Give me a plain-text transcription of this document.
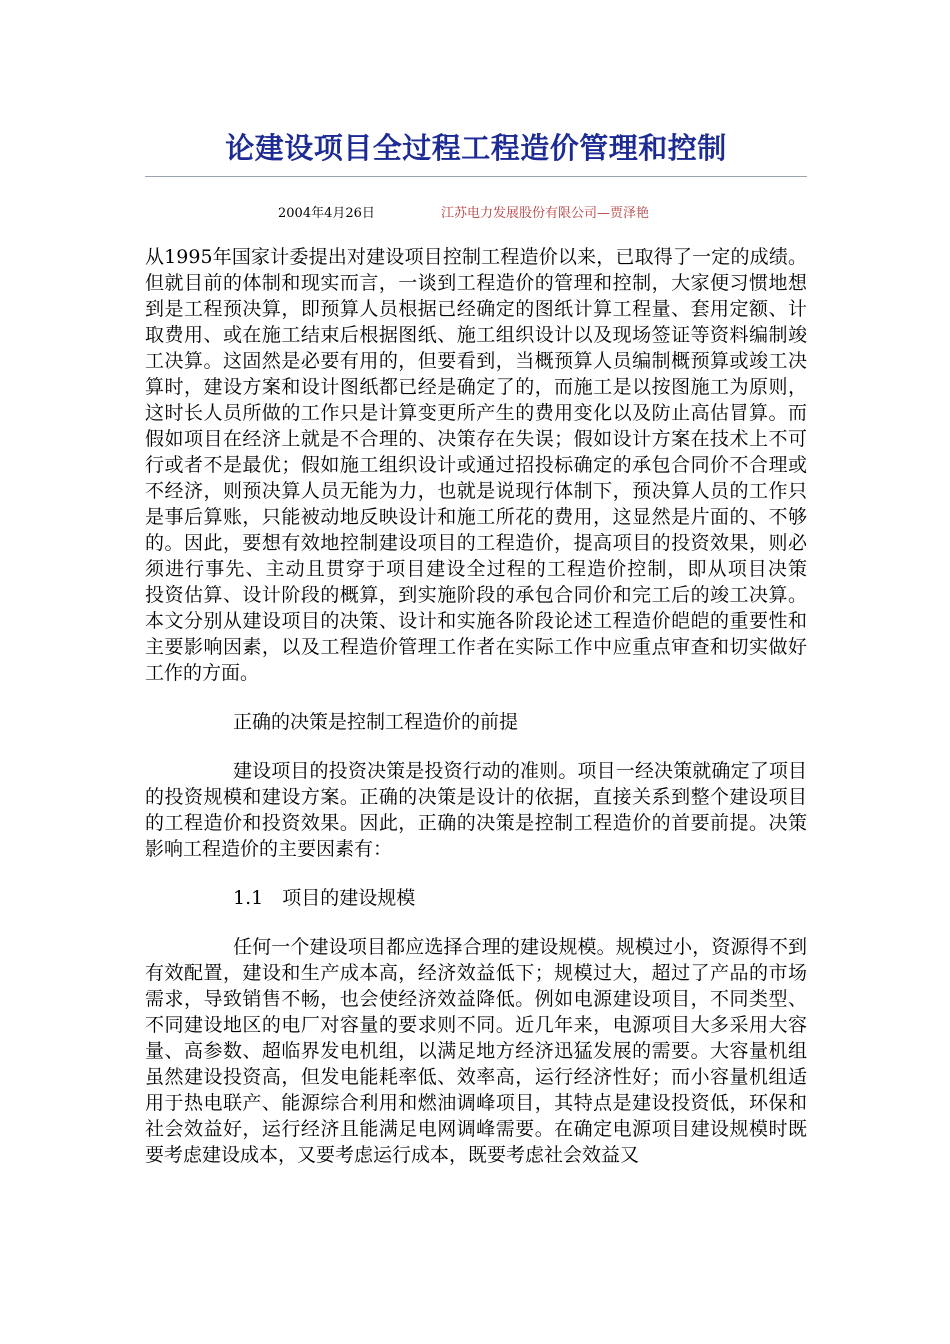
论建设项目全过程工程造价管理和控制
2004年4月26日	江苏电力发展股份有限公司—贾泽艳

从1995年国家计委提出对建设项目控制工程造价以来，已取得了一定的成绩。但就目前的体制和现实而言，一谈到工程造价的管理和控制，大家便习惯地想到是工程预决算，即预算人员根据已经确定的图纸计算工程量、套用定额、计取费用、或在施工结束后根据图纸、施工组织设计以及现场签证等资料编制竣工决算。这固然是必要有用的，但要看到，当概预算人员编制概预算或竣工决算时，建设方案和设计图纸都已经是确定了的，而施工是以按图施工为原则，这时长人员所做的工作只是计算变更所产生的费用变化以及防止高估冒算。而假如项目在经济上就是不合理的、决策存在失误；假如设计方案在技术上不可行或者不是最优；假如施工组织设计或通过招投标确定的承包合同价不合理或不经济，则预决算人员无能为力，也就是说现行体制下，预决算人员的工作只是事后算账，只能被动地反映设计和施工所花的费用，这显然是片面的、不够的。因此，要想有效地控制建设项目的工程造价，提高项目的投资效果，则必须进行事先、主动且贯穿于项目建设全过程的工程造价控制，即从项目决策　投资估算、设计阶段的概算，到实施阶段的承包合同价和完工后的竣工决算。本文分别从建设项目的决策、设计和实施各阶段论述工程造价皑皑的重要性和主要影响因素，以及工程造价管理工作者在实际工作中应重点审查和切实做好工作的方面。

正确的决策是控制工程造价的前提

建设项目的投资决策是投资行动的准则。项目一经决策就确定了项目的投资规模和建设方案。正确的决策是设计的依据，直接关系到整个建设项目的工程造价和投资效果。因此，正确的决策是控制工程造价的首要前提。决策影响工程造价的主要因素有：

1.1　项目的建设规模

任何一个建设项目都应选择合理的建设规模。规模过小，资源得不到有效配置，建设和生产成本高，经济效益低下；规模过大，超过了产品的市场需求，导致销售不畅，也会使经济效益降低。例如电源建设项目，不同类型、不同建设地区的电厂对容量的要求则不同。近几年来，电源项目大多采用大容量、高参数、超临界发电机组，以满足地方经济迅猛发展的需要。大容量机组虽然建设投资高，但发电能耗率低、效率高，运行经济性好；而小容量机组适用于热电联产、能源综合利用和燃油调峰项目，其特点是建设投资低，环保和社会效益好，运行经济且能满足电网调峰需要。在确定电源项目建设规模时既要考虑建设成本，又要考虑运行成本，既要考虑社会效益又
